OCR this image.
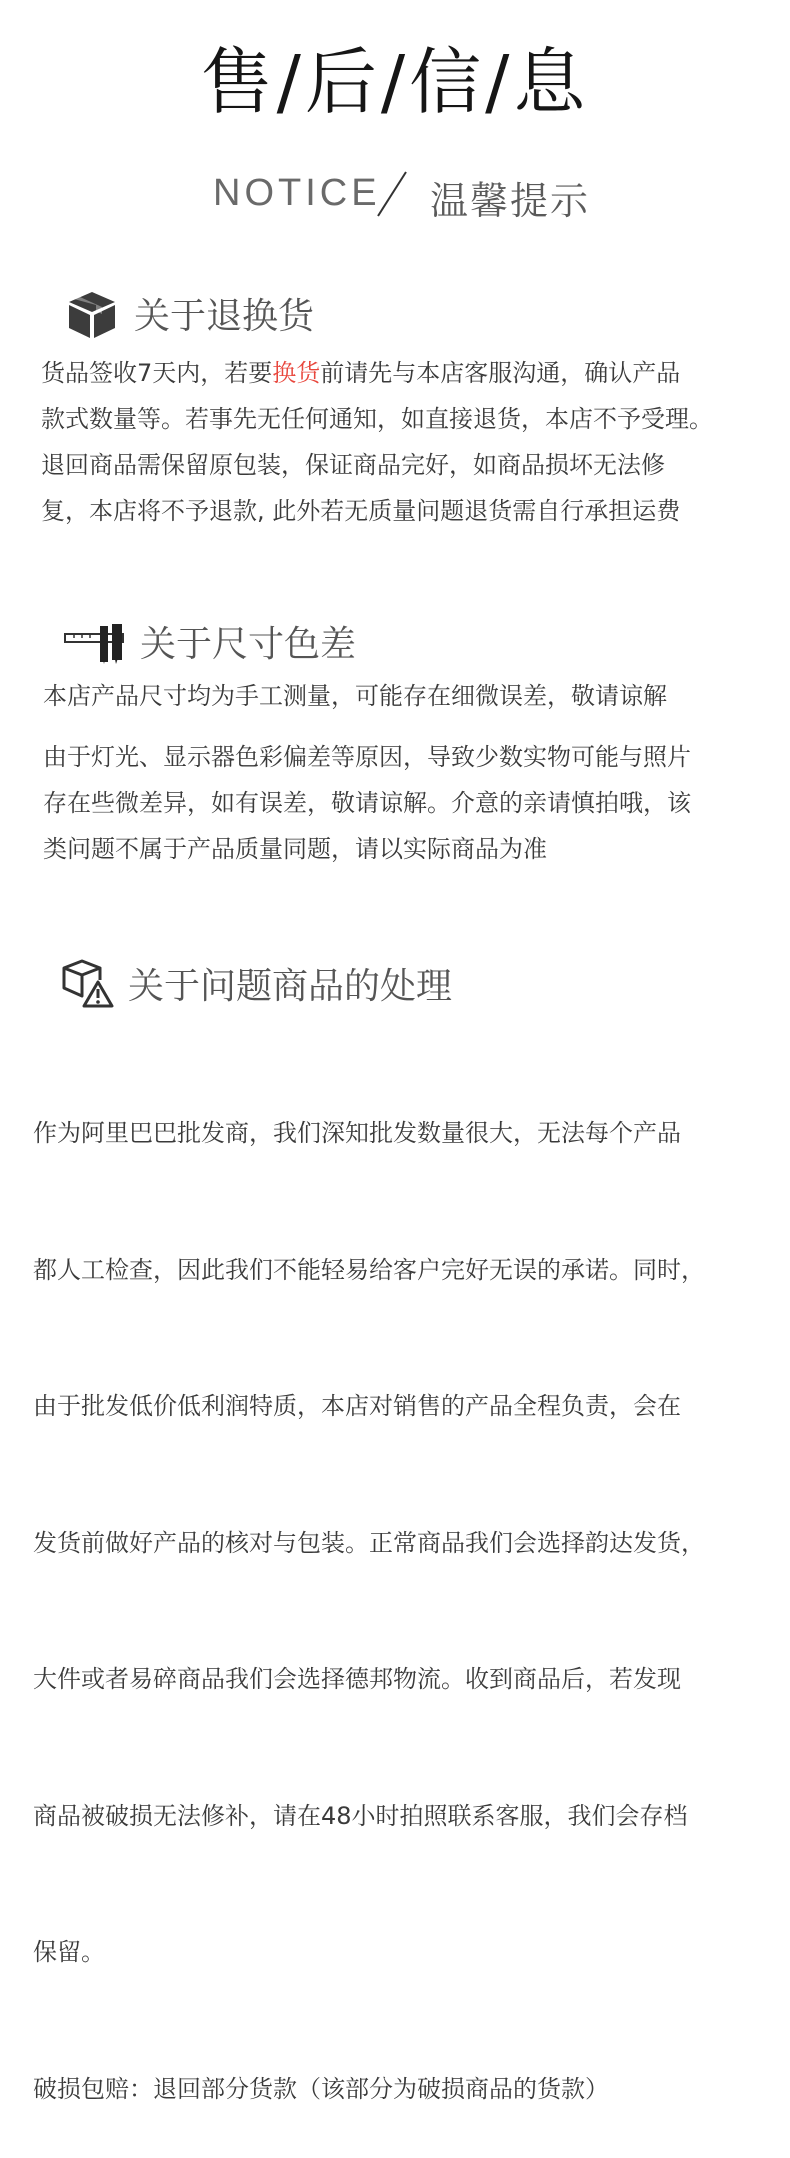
售/后/信/息
NOTICE 温馨提示
关于退换货
货品签收7天内，若要换货前请先与本店客服沟通，确认产品
款式数量等。若事先无任何通知，如直接退货，本店不予受理。
退回商品需保留原包装，保证商品完好，如商品损坏无法修
复，本店将不予退款, 此外若无质量问题退货需自行承担运费
关于尺寸色差
本店产品尺寸均为手工测量，可能存在细微误差，敬请谅解
由于灯光、显示器色彩偏差等原因，导致少数实物可能与照片
存在些微差异，如有误差，敬请谅解。介意的亲请慎拍哦，该
类问题不属于产品质量同题，请以实际商品为准
关于问题商品的处理

作为阿里巴巴批发商，我们深知批发数量很大，无法每个产品

都人工检查，因此我们不能轻易给客户完好无误的承诺。同时，

由于批发低价低利润特质，本店对销售的产品全程负责，会在

发货前做好产品的核对与包装。正常商品我们会选择韵达发货，

大件或者易碎商品我们会选择德邦物流。收到商品后，若发现

商品被破损无法修补，请在48小时拍照联系客服，我们会存档

保留。

破损包赔：退回部分货款（该部分为破损商品的货款）
